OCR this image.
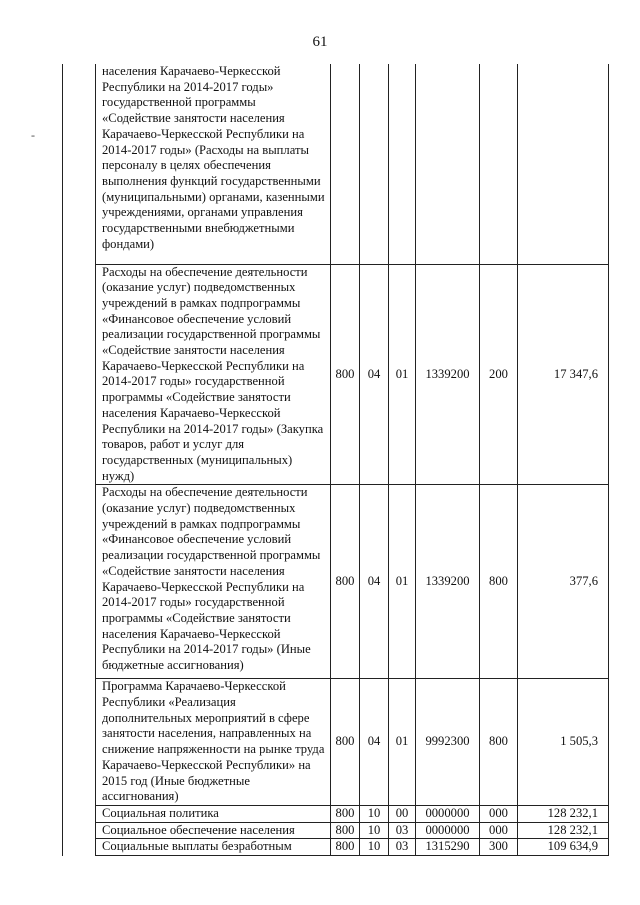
61
-
	населения Карачаево-Черкесской Республики на 2014-2017 годы» государственной программы «Содействие занятости населения Карачаево-Черкесской Республики на 2014-2017 годы» (Расходы на выплаты персоналу в целях обеспечения выполнения функций государственными (муниципальными) органами, казенными учреждениями, органами управления государственными внебюджетными фондами)						
	Расходы на обеспечение деятельности (оказание услуг) подведомственных учреждений в рамках подпрограммы «Финансовое обеспечение условий реализации государственной программы «Содействие занятости населения Карачаево-Черкесской Республики на 2014-2017 годы» государственной программы «Содействие занятости населения Карачаево-Черкесской Республики на 2014-2017 годы» (Закупка товаров, работ и услуг для государственных (муниципальных) нужд)	800	04	01	1339200	200	17 347,6
	Расходы на обеспечение деятельности (оказание услуг) подведомственных учреждений в рамках подпрограммы «Финансовое обеспечение условий реализации государственной программы «Содействие занятости населения Карачаево-Черкесской Республики на 2014-2017 годы» государственной программы «Содействие занятости населения Карачаево-Черкесской Республики на 2014-2017 годы» (Иные бюджетные ассигнования)	800	04	01	1339200	800	377,6
	Программа Карачаево-Черкесской Республики «Реализация дополнительных мероприятий в сфере занятости населения, направленных на снижение напряженности на рынке труда Карачаево-Черкесской Республики» на 2015 год (Иные бюджетные ассигнования)	800	04	01	9992300	800	1 505,3
	Социальная политика	800	10	00	0000000	000	128 232,1
	Социальное обеспечение населения	800	10	03	0000000	000	128 232,1
	Социальные выплаты безработным	800	10	03	1315290	300	109 634,9
